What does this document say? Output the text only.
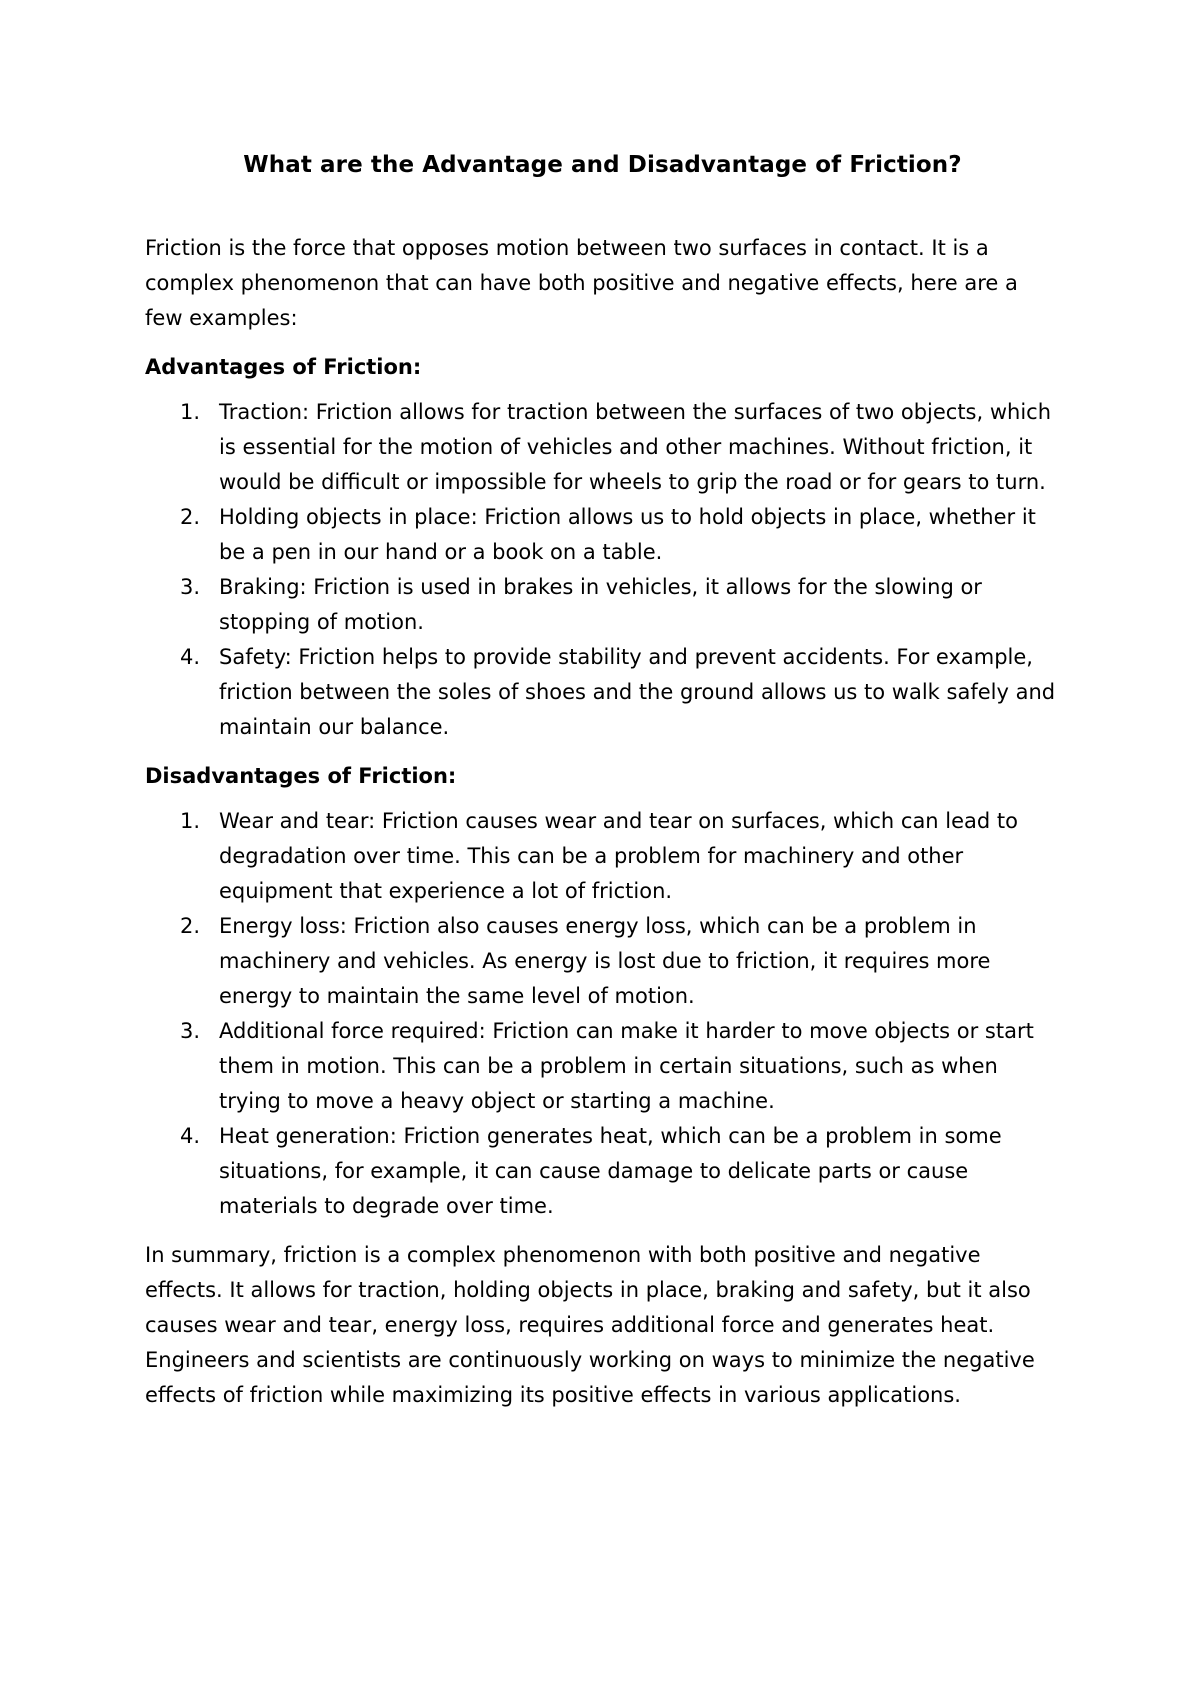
What are the Advantage and Disadvantage of Friction?

Friction is the force that opposes motion between two surfaces in contact. It is a complex phenomenon that can have both positive and negative effects, here are a few examples:

Advantages of Friction:
1. Traction: Friction allows for traction between the surfaces of two objects, which is essential for the motion of vehicles and other machines. Without friction, it would be difficult or impossible for wheels to grip the road or for gears to turn.
2. Holding objects in place: Friction allows us to hold objects in place, whether it be a pen in our hand or a book on a table.
3. Braking: Friction is used in brakes in vehicles, it allows for the slowing or stopping of motion.
4. Safety: Friction helps to provide stability and prevent accidents. For example, friction between the soles of shoes and the ground allows us to walk safely and maintain our balance.
Disadvantages of Friction:
1. Wear and tear: Friction causes wear and tear on surfaces, which can lead to degradation over time. This can be a problem for machinery and other equipment that experience a lot of friction.
2. Energy loss: Friction also causes energy loss, which can be a problem in machinery and vehicles. As energy is lost due to friction, it requires more energy to maintain the same level of motion.
3. Additional force required: Friction can make it harder to move objects or start them in motion. This can be a problem in certain situations, such as when trying to move a heavy object or starting a machine.
4. Heat generation: Friction generates heat, which can be a problem in some situations, for example, it can cause damage to delicate parts or cause materials to degrade over time.

In summary, friction is a complex phenomenon with both positive and negative effects. It allows for traction, holding objects in place, braking and safety, but it also causes wear and tear, energy loss, requires additional force and generates heat. Engineers and scientists are continuously working on ways to minimize the negative effects of friction while maximizing its positive effects in various applications.
